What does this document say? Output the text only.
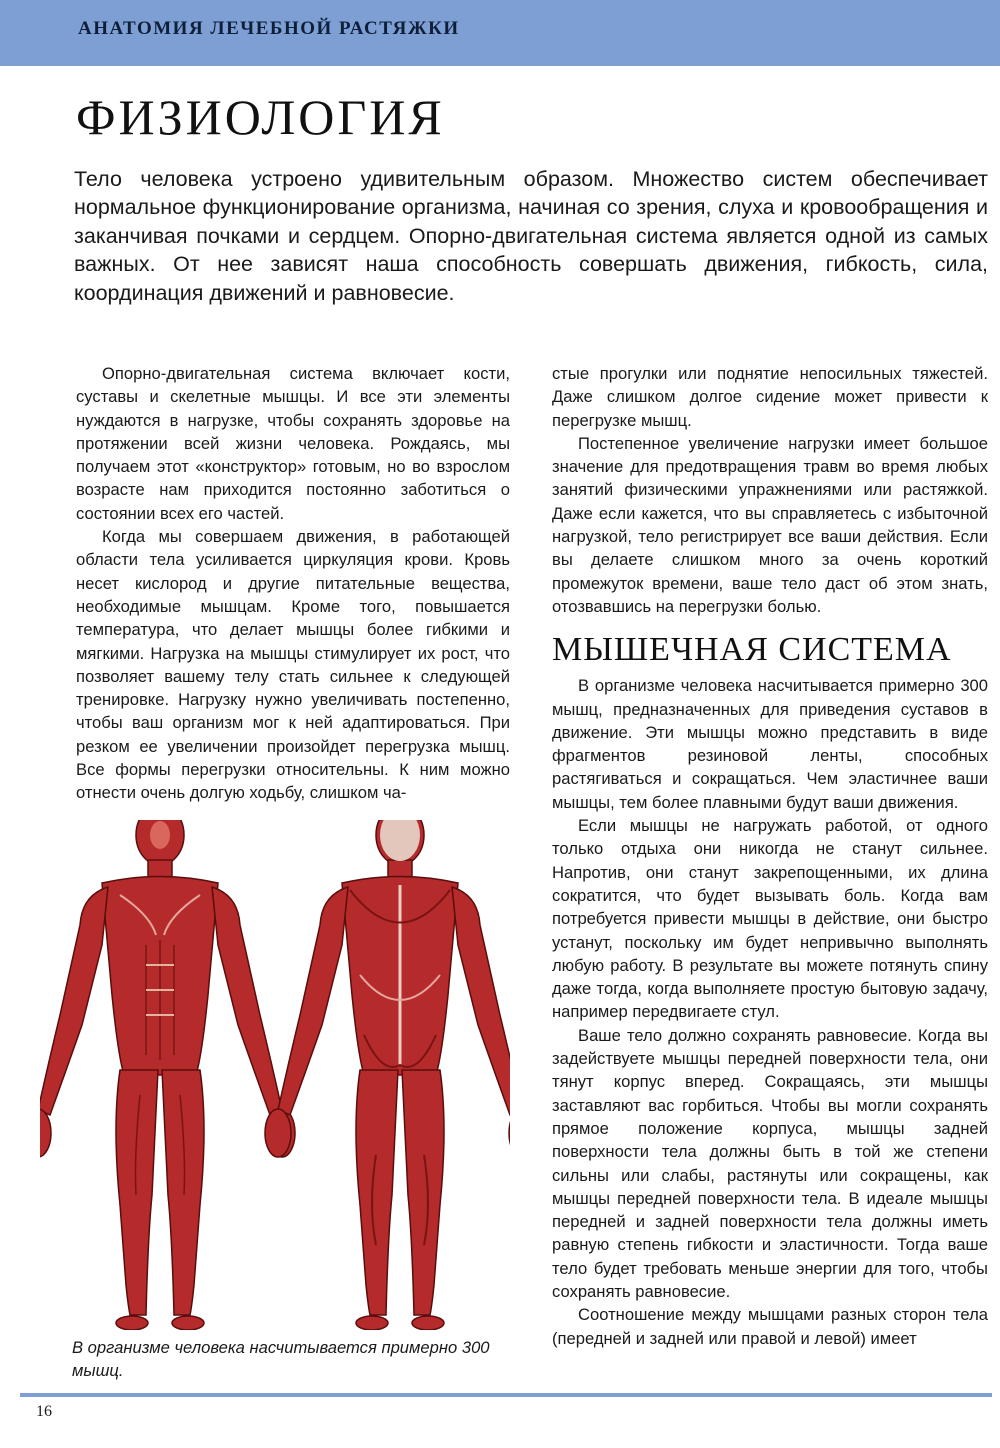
АНАТОМИЯ ЛЕЧЕБНОЙ РАСТЯЖКИ
ФИЗИОЛОГИЯ

Тело человека устроено удивительным образом. Множество систем обеспечивает нормальное функционирование организма, начиная со зрения, слуха и кровообращения и заканчивая почками и сердцем. Опорно-двигательная система является одной из самых важных. От нее зависят наша способность совершать движения, гибкость, сила, координация движений и равновесие.

Опорно-двигательная система включает кости, суставы и скелетные мышцы. И все эти элементы нуждаются в нагрузке, чтобы сохранять здоровье на протяжении всей жизни человека. Рождаясь, мы получаем этот «конструктор» готовым, но во взрослом возрасте нам приходится постоянно заботиться о состоянии всех его частей.

Когда мы совершаем движения, в работающей области тела усиливается циркуляция крови. Кровь несет кислород и другие питательные вещества, необходимые мышцам. Кроме того, повышается температура, что делает мышцы более гибкими и мягкими. Нагрузка на мышцы стимулирует их рост, что позволяет вашему телу стать сильнее к следующей тренировке. Нагрузку нужно увеличивать постепенно, чтобы ваш организм мог к ней адаптироваться. При резком ее увеличении произойдет перегрузка мышц. Все формы перегрузки относительны. К ним можно отнести очень долгую ходьбу, слишком ча-

стые прогулки или поднятие непосильных тяжестей. Даже слишком долгое сидение может привести к перегрузке мышц.

Постепенное увеличение нагрузки имеет большое значение для предотвращения травм во время любых занятий физическими упражнениями или растяжкой. Даже если кажется, что вы справляетесь с избыточной нагрузкой, тело регистрирует все ваши действия. Если вы делаете слишком много за очень короткий промежуток времени, ваше тело даст об этом знать, отозвавшись на перегрузки болью.

МЫШЕЧНАЯ СИСТЕМА

В организме человека насчитывается примерно 300 мышц, предназначенных для приведения суставов в движение. Эти мышцы можно представить в виде фрагментов резиновой ленты, способных растягиваться и сокращаться. Чем эластичнее ваши мышцы, тем более плавными будут ваши движения.

Если мышцы не нагружать работой, от одного только отдыха они никогда не станут сильнее. Напротив, они станут закрепощенными, их длина сократится, что будет вызывать боль. Когда вам потребуется привести мышцы в действие, они быстро устанут, поскольку им будет непривычно выполнять любую работу. В результате вы можете потянуть спину даже тогда, когда выполняете простую бытовую задачу, например передвигаете стул.

Ваше тело должно сохранять равновесие. Когда вы задействуете мышцы передней поверхности тела, они тянут корпус вперед. Сокращаясь, эти мышцы заставляют вас горбиться. Чтобы вы могли сохранять прямое положение корпуса, мышцы задней поверхности тела должны быть в той же степени сильны или слабы, растянуты или сокращены, как мышцы передней поверхности тела. В идеале мышцы передней и задней поверхности тела должны иметь равную степень гибкости и эластичности. Тогда ваше тело будет требовать меньше энергии для того, чтобы сохранять равновесие.

Соотношение между мышцами разных сторон тела (передней и задней или правой и левой) имеет

В организме человека насчитывается примерно 300 мышц.

16
